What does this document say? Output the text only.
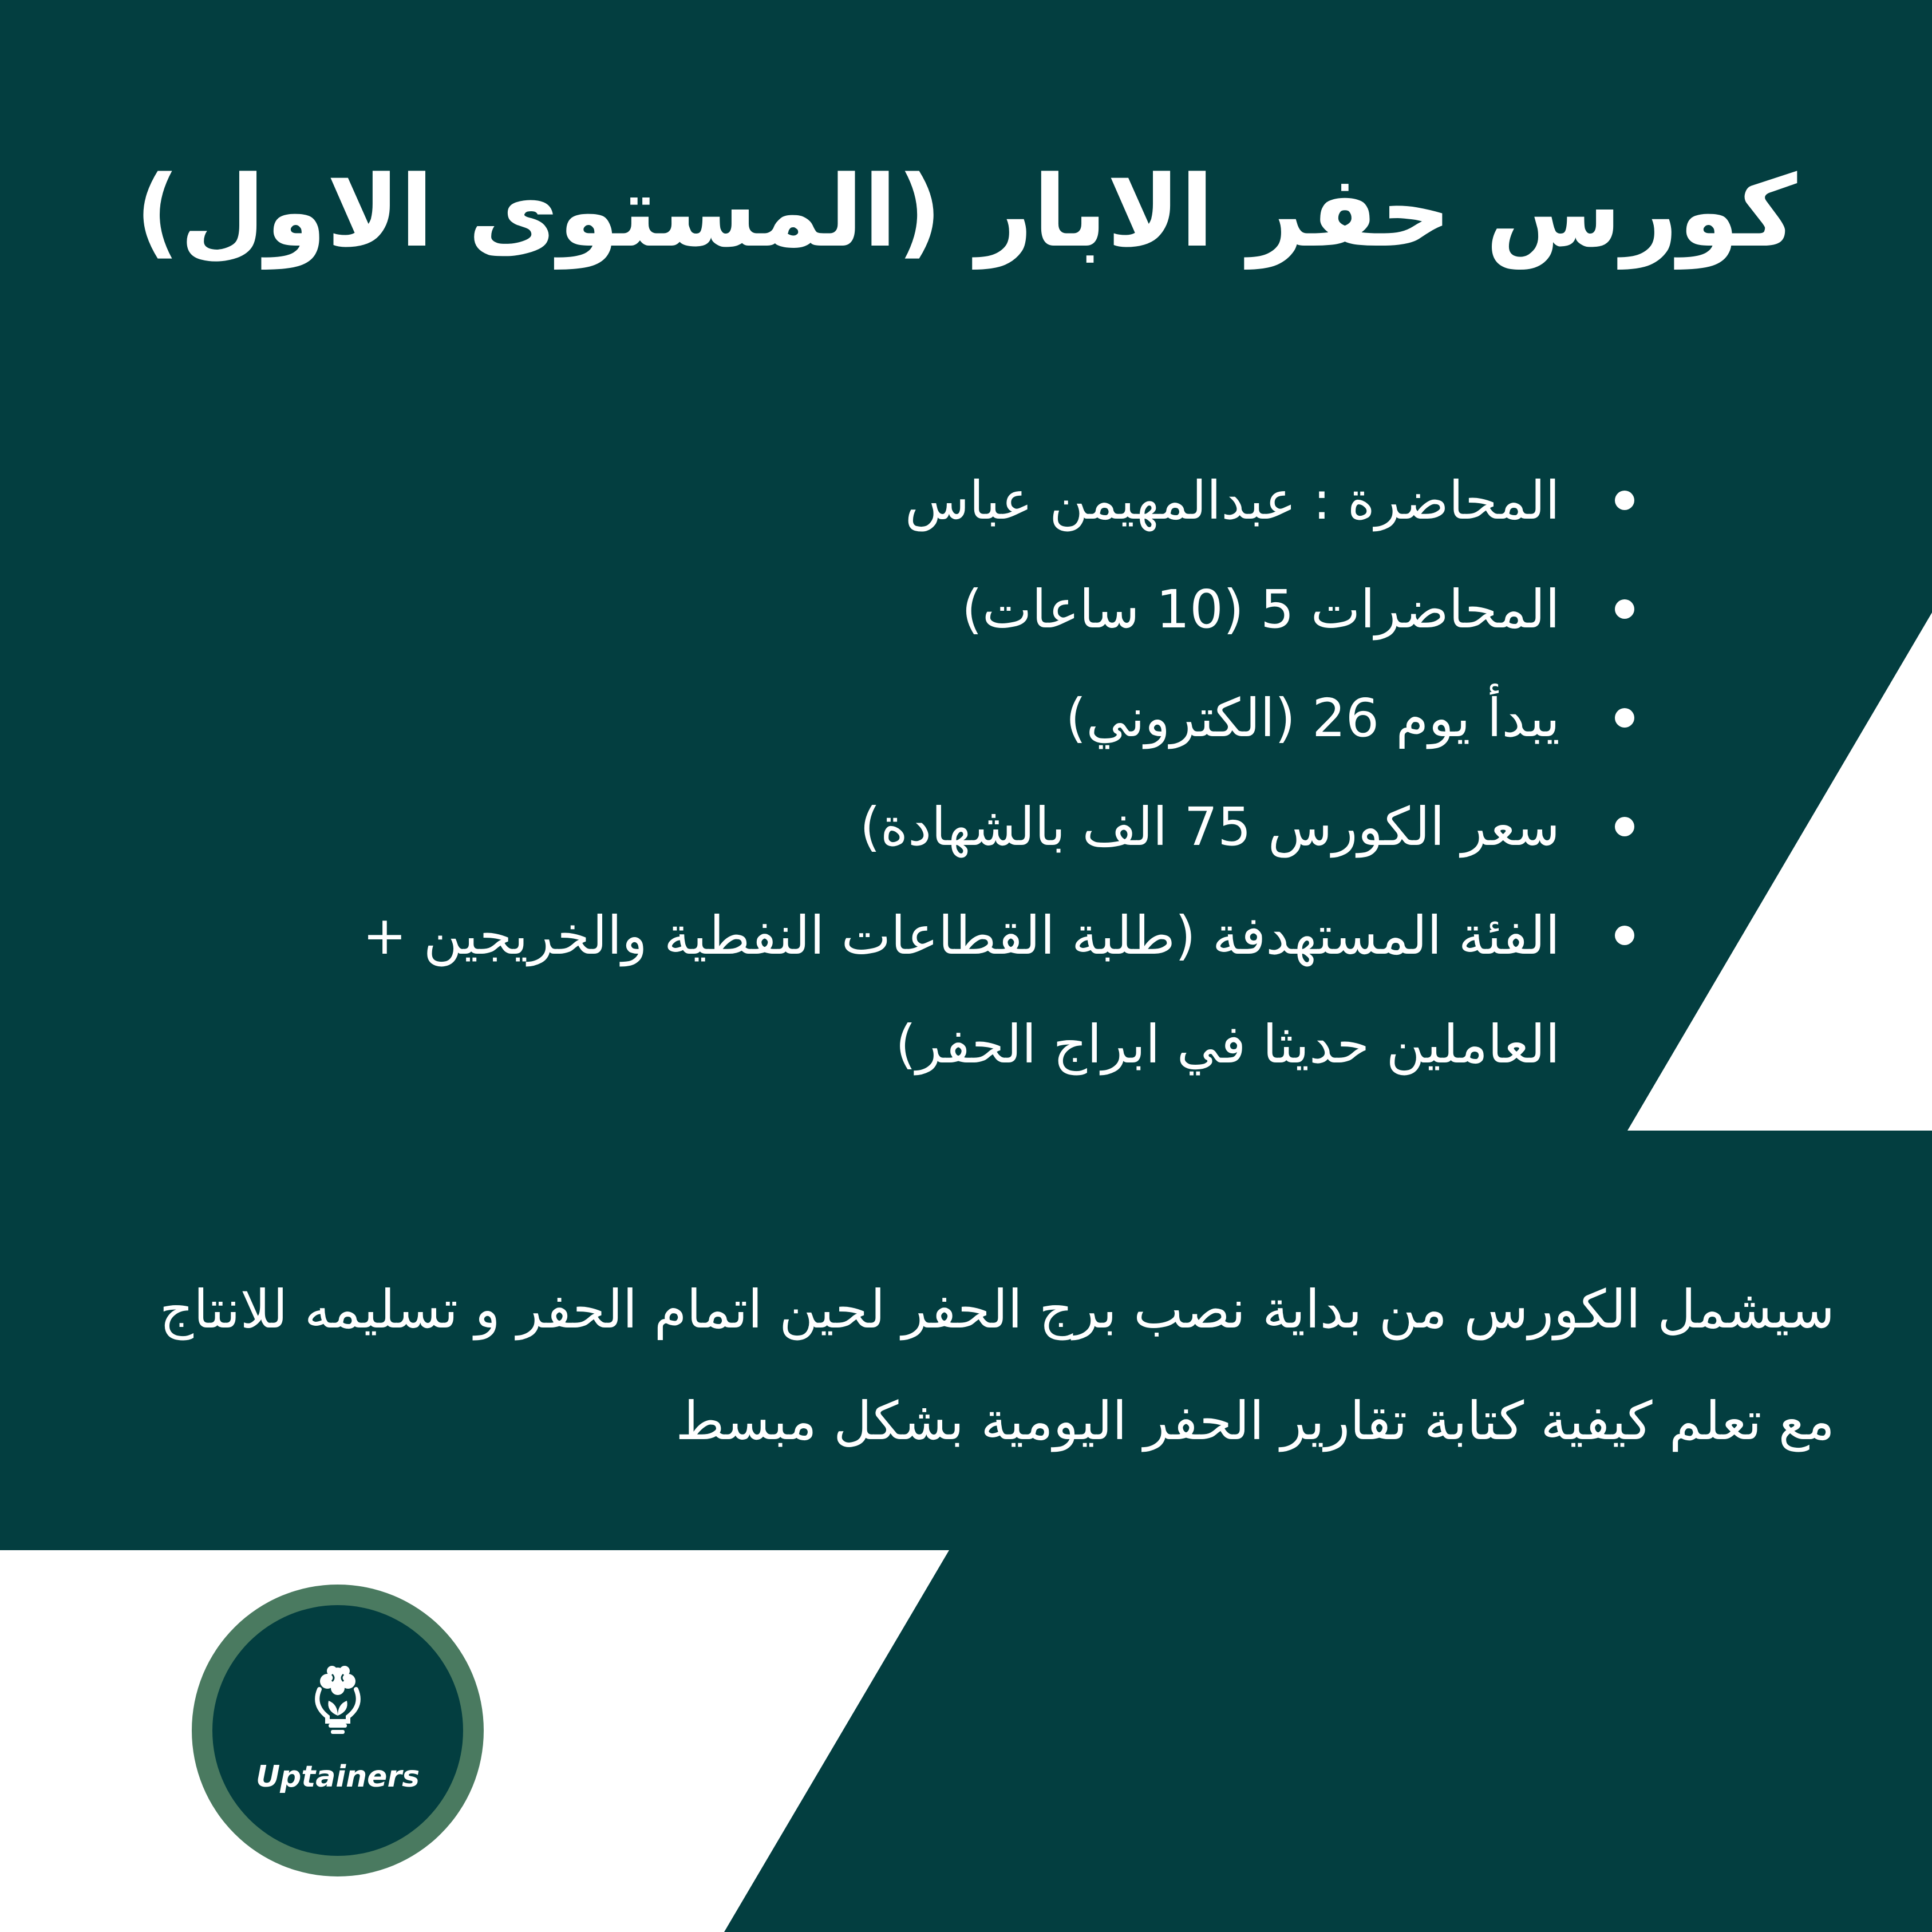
كورس حفر الابار (المستوى الاول)
المحاضرة : عبدالمهيمن عباس
المحاضرات 5 (10 ساعات)
يبدأ يوم 26 (الكتروني)
سعر الكورس 75 الف بالشهادة)
الفئة المستهدفة (طلبة القطاعات النفطية والخريجين + العاملين حديثا في ابراج الحفر)

سيشمل الكورس من بداية نصب برج الحفر لحين اتمام الحفر و تسليمه للانتاج مع تعلم كيفية كتابة تقارير الحفر اليومية بشكل مبسط

Uptainers
